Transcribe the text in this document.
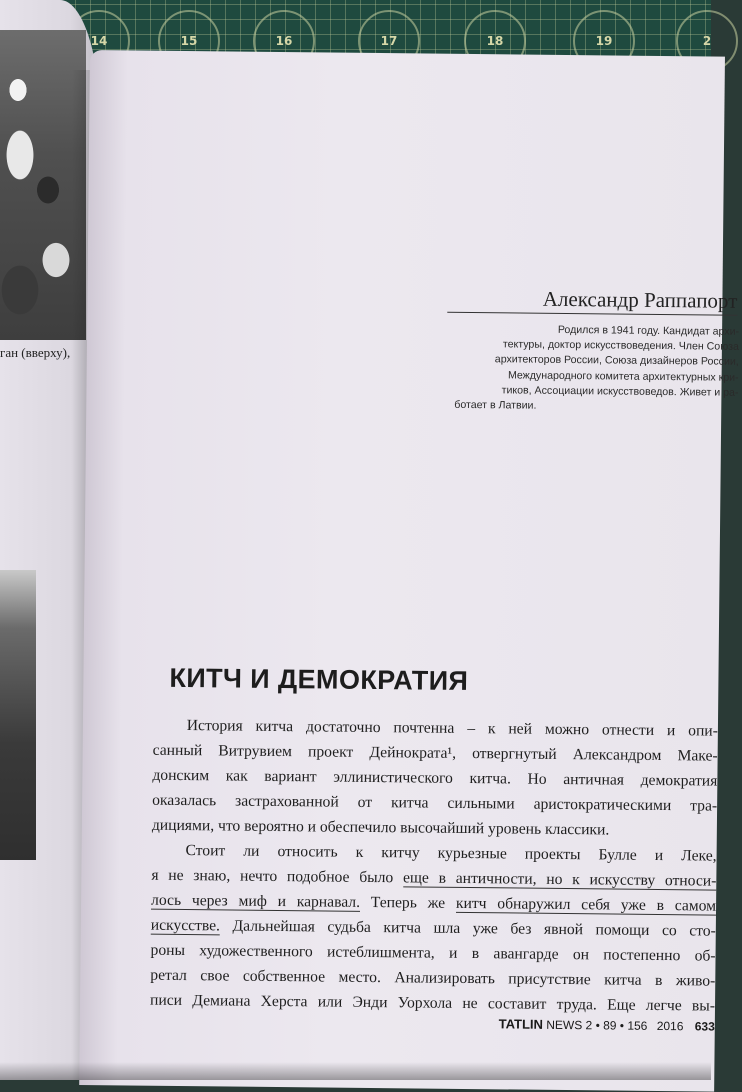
14	15	16	17	18	19	2
ган (вверху),
Александр Раппапорт
Родился в 1941 году. Кандидат архи-
тектуры, доктор искусствоведения. Член Союза
архитекторов России, Союза дизайнеров России,
Международного комитета архитектурных кри-
тиков, Ассоциации искусствоведов. Живет и ра-
ботает в Латвии.
КИТЧ И ДЕМОКРАТИЯ
История китча достаточно почтенна – к ней можно отнести и опи-
санный Витрувием проект Дейнократа¹, отвергнутый Александром Маке-
донским как вариант эллинистического китча. Но античная демократия
оказалась застрахованной от китча сильными аристократическими тра-
дициями, что вероятно и обеспечило высочайший уровень классики.
Стоит ли относить к китчу курьезные проекты Булле и Леке,
я не знаю, нечто подобное было еще в античности, но к искусству относи-
лось через миф и карнавал. Теперь же китч обнаружил себя уже в самом
искусстве. Дальнейшая судьба китча шла уже без явной помощи со сто-
роны художественного истеблишмента, и в авангарде он постепенно об-
ретал свое собственное место. Анализировать присутствие китча в живо-
писи Демиана Херста или Энди Уорхола не составит труда. Еще легче вы-
TATLIN NEWS 2 • 89 • 156 2016 633
